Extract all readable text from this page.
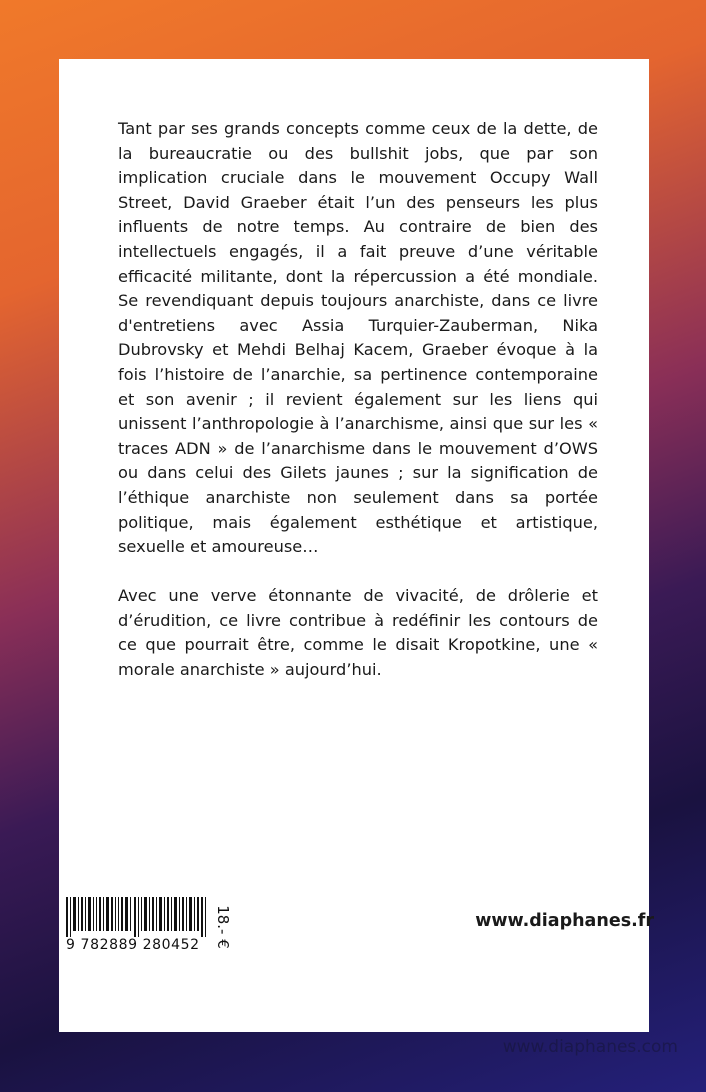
Tant par ses grands concepts comme ceux de la dette, de la bureaucratie ou des bullshit jobs, que par son implication cruciale dans le mouvement Occupy Wall Street, David Graeber était l’un des penseurs les plus influents de notre temps. Au contraire de bien des intellectuels engagés, il a fait preuve d’une véritable efficacité militante, dont la répercussion a été mondiale. Se revendiquant depuis toujours anarchiste, dans ce livre d'entretiens avec Assia Turquier-Zauberman, Nika Dubrovsky et Mehdi Belhaj Kacem, Graeber évoque à la fois l’histoire de l’anarchie, sa pertinence contemporaine et son avenir ; il revient également sur les liens qui unissent l’anthropologie à l’anarchisme, ainsi que sur les « traces ADN » de l’anarchisme dans le mouvement d’OWS ou dans celui des Gilets jaunes ; sur la signification de l’éthique anarchiste non seulement dans sa portée politique, mais également esthétique et artistique, sexuelle et amoureuse…

Avec une verve étonnante de vivacité, de drôlerie et d’érudition, ce livre contribue à redéfinir les contours de ce que pourrait être, comme le disait Kropotkine, une « morale anarchiste » aujourd’hui.

9 782889 280452 18.- €	www.diaphanes.fr
www.diaphanes.com
